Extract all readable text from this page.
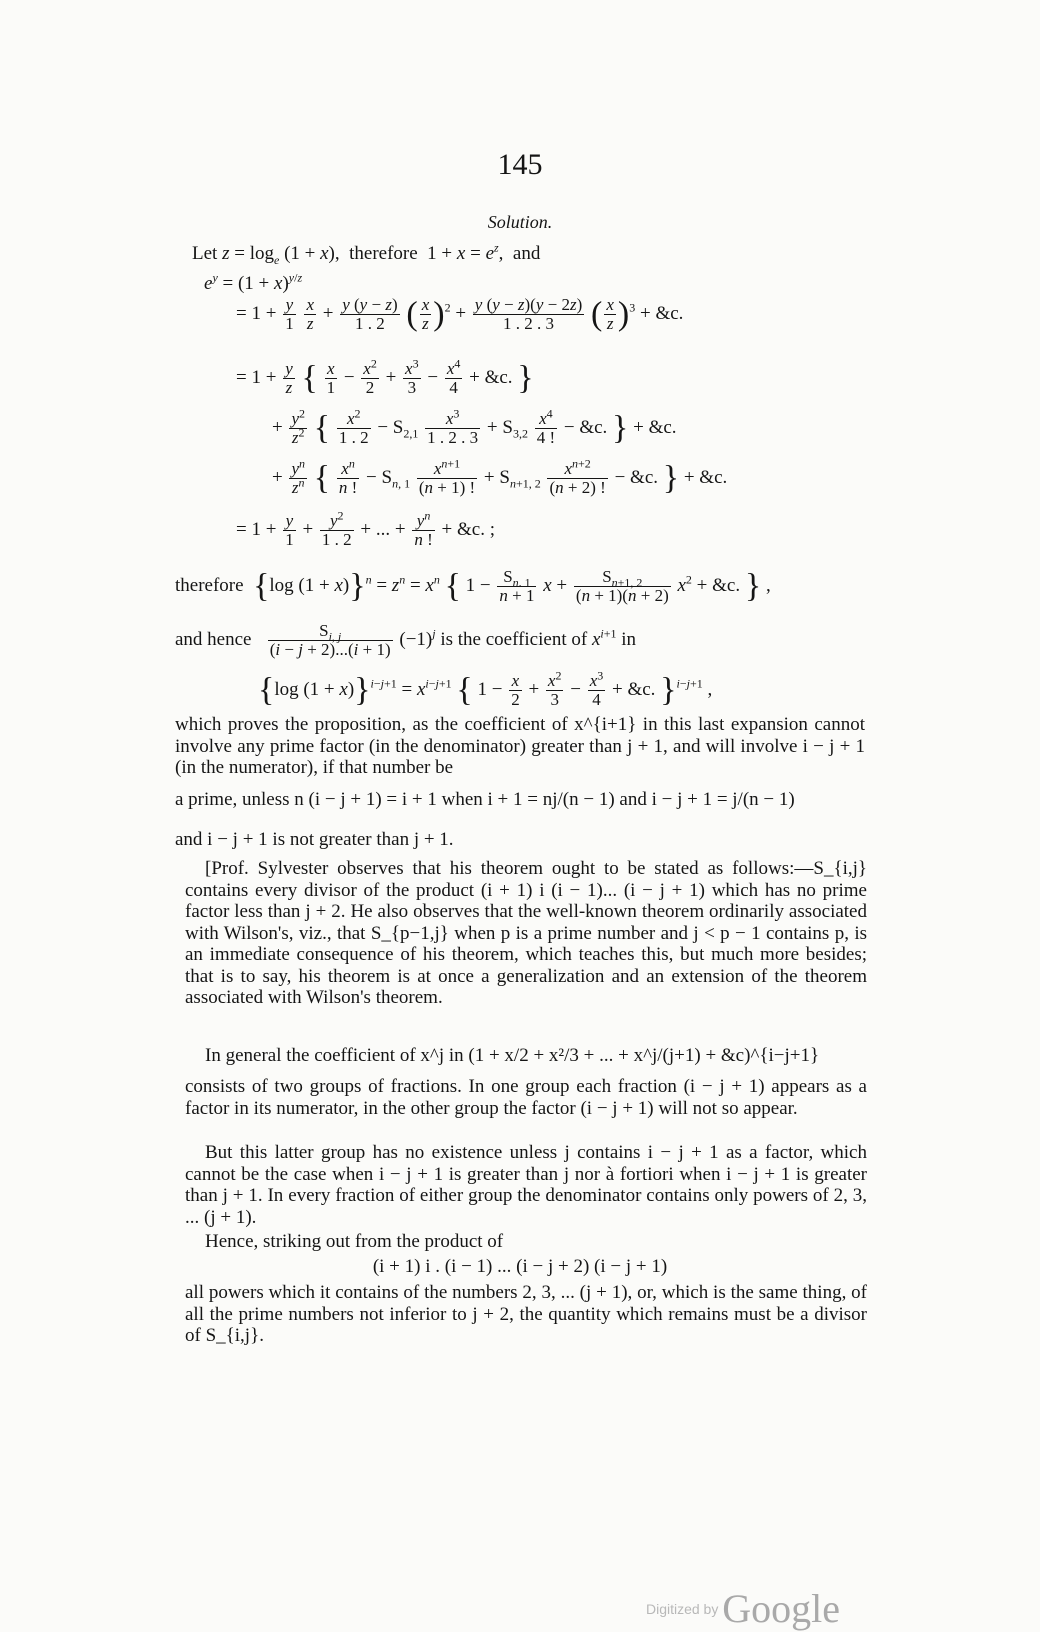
145
Solution.
Let $z = \log_e (1 + x)$,  therefore  $1 + x = e^z$,  and
$e^y = (1 + x)^{y/z}$
= $1 + \frac{y}{1}$
$\frac{x}{z} + \frac{y (y - z)}{1 . 2}$ ( $\frac{x}{z} )^2 + \frac{y (y - z)(y - 2z)}{1 . 2 . 3}$ ( $\frac{x}{z} )^3$ + &c.
= $1 + \frac{y}{z}$ { $\frac{x}{1} - \frac{x^2}{2} + \frac{x^3}{3} - \frac{x^4}{4}$ + &c. }
+ $\frac{y^2}{z^2}$ { $\frac{x^2}{1 . 2} - S_{2,1} \frac{x^3}{1 . 2 . 3} + S_{3,2} \frac{x^4}{4 !}$ − &c. } + &c.
+ $\frac{y^n}{z^n}$ { $\frac{x^n}{n !} - S_{n, 1} \frac{x^{n+1}}{(n + 1) !} + S_{n+1, 2} \frac{x^{n+2}}{(n + 2) !}$ − &c. } + &c.
= $1 + \frac{y}{1} + \frac{y^2}{1 . 2}$ + ... + $\frac{y^n}{n !}$ + &c. ;
therefore  {log $(1 + x)\}^n = z^n = x^n$ { $1 - \frac{S_{n. 1}}{n + 1}$ $x + \frac{S_{n+1, 2}}{(n + 1)(n + 2)} x^2$ + &c. } ,
and hence $\frac{S_{i, j}}{(i - j + 2)...(i + 1)} (-1)^j$ is the coefficient of $x^{i+1}$ in
{log $(1 + x)\}^{i-j+1} = x^{i-j+1}$ { $1 - \frac{x}{2} + \frac{x^2}{3} - \frac{x^3}{4}$ + &c. }$^{i-j+1}$ ,
which proves the proposition, as the coefficient of x^{i+1} in this last expansion cannot involve any prime factor (in the denominator) greater than j + 1, and will involve i − j + 1 (in the numerator), if that number be
a prime, unless n (i − j + 1) = i + 1 when i + 1 = nj/(n − 1) and i − j + 1 = j/(n − 1)
and i − j + 1 is not greater than j + 1.
[Prof. Sylvester observes that his theorem ought to be stated as follows:—S_{i,j} contains every divisor of the product (i + 1) i (i − 1)... (i − j + 1) which has no prime factor less than j + 2. He also observes that the well-known theorem ordinarily associated with Wilson's, viz., that S_{p−1,j} when p is a prime number and j < p − 1 contains p, is an immediate consequence of his theorem, which teaches this, but much more besides; that is to say, his theorem is at once a generalization and an extension of the theorem associated with Wilson's theorem.
In general the coefficient of x^j in (1 + x/2 + x²/3 + ... + x^j/(j+1) + &c)^{i−j+1}
consists of two groups of fractions. In one group each fraction (i − j + 1) appears as a factor in its numerator, in the other group the factor (i − j + 1) will not so appear.
But this latter group has no existence unless j contains i − j + 1 as a factor, which cannot be the case when i − j + 1 is greater than j nor à fortiori when i − j + 1 is greater than j + 1. In every fraction of either group the denominator contains only powers of 2, 3, ... (j + 1).
Hence, striking out from the product of
(i + 1) i . (i − 1) ... (i − j + 2) (i − j + 1)
all powers which it contains of the numbers 2, 3, ... (j + 1), or, which is the same thing, of all the prime numbers not inferior to j + 2, the quantity which remains must be a divisor of S_{i,j}.
Digitized by Google
